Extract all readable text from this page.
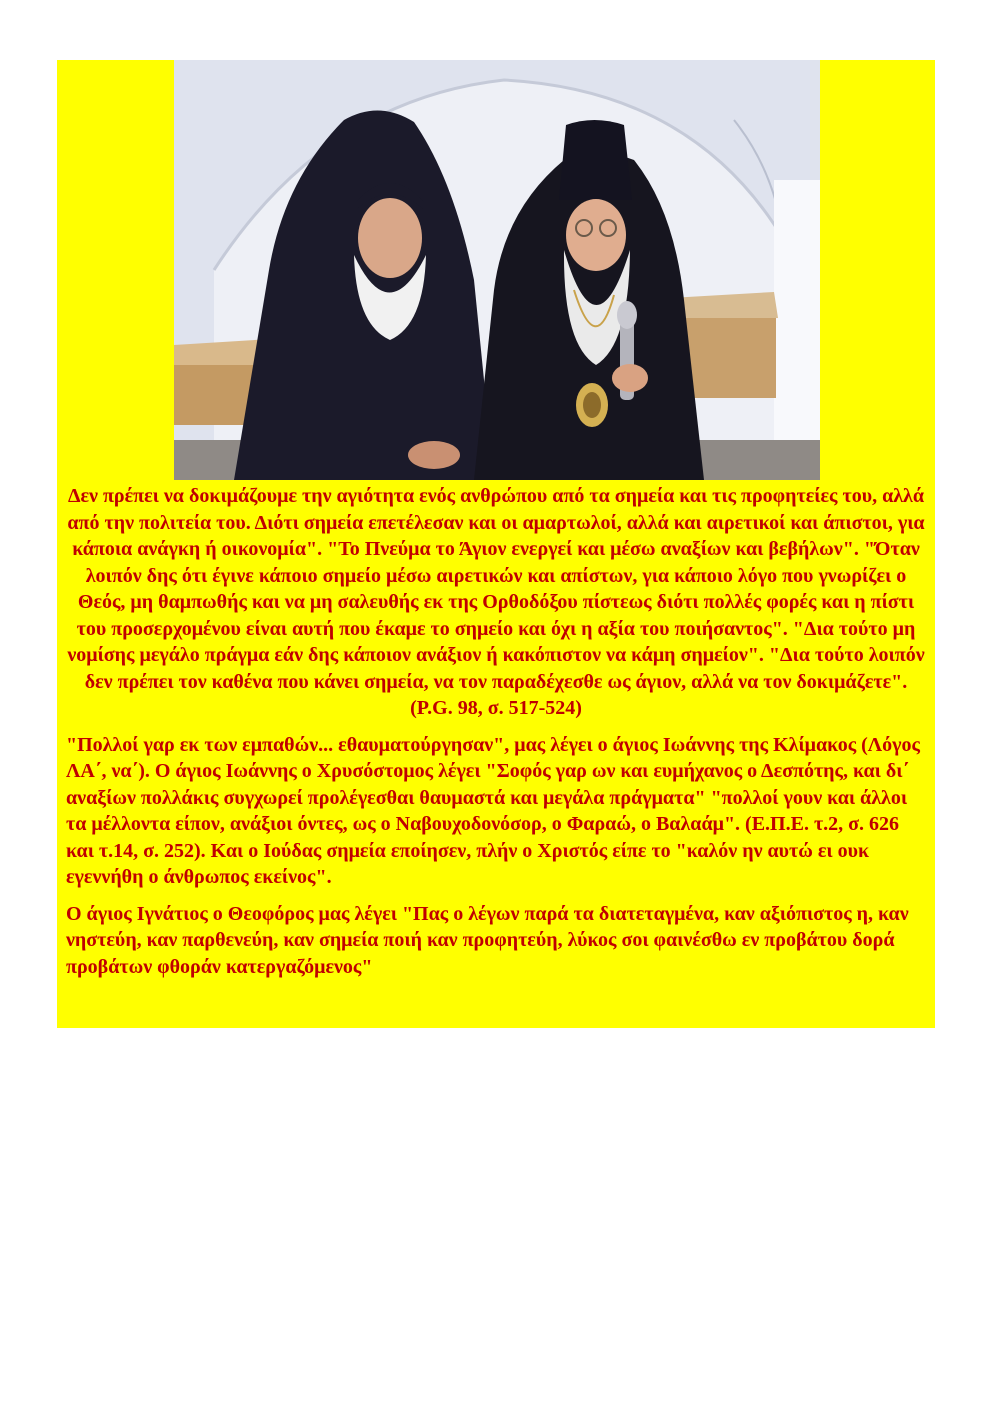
Δεν πρέπει να δοκιμάζουμε την αγιότητα ενός ανθρώπου από τα σημεία και τις προφητείες του, αλλά από την πολιτεία του. Διότι σημεία επετέλεσαν και οι αμαρτωλοί, αλλά και αιρετικοί και άπιστοι, για κάποια ανάγκη ή οικονομία". "Το Πνεύμα το Άγιον ενεργεί και μέσω αναξίων και βεβήλων". "Όταν λοιπόν δης ότι έγινε κάποιο σημείο μέσω αιρετικών και απίστων, για κάποιο λόγο που γνωρίζει ο Θεός, μη θαμπωθής και να μη σαλευθής εκ της Ορθοδόξου πίστεως διότι πολλές φορές και η πίστι του προσερχομένου είναι αυτή που έκαμε το σημείο και όχι η αξία του ποιήσαντος". "Δια τούτο μη νομίσης μεγάλο πράγμα εάν δης κάποιον ανάξιον ή κακόπιστον να κάμη σημείον". "Δια τούτο λοιπόν δεν πρέπει τον καθένα που κάνει σημεία, να τον παραδέχεσθε ως άγιον, αλλά να τον δοκιμάζετε". (P.G. 98, σ. 517-524)

"Πολλοί γαρ εκ των εμπαθών... εθαυματούργησαν", μας λέγει ο άγιος Ιωάννης της Κλίμακος (Λόγος ΛΑ΄, να΄). Ο άγιος Ιωάννης ο Χρυσόστομος λέγει "Σοφός γαρ ων και ευμήχανος ο Δεσπότης, και δι΄ αναξίων πολλάκις συγχωρεί προλέγεσθαι θαυμαστά και μεγάλα πράγματα" "πολλοί γουν και άλλοι τα μέλλοντα είπον, ανάξιοι όντες, ως ο Ναβουχοδονόσορ, ο Φαραώ, ο Βαλαάμ". (Ε.Π.Ε. τ.2, σ. 626 και τ.14, σ. 252). Και ο Ιούδας σημεία εποίησεν, πλήν ο Χριστός είπε το "καλόν ην αυτώ ει ουκ εγεννήθη ο άνθρωπος εκείνος".

Ο άγιος Ιγνάτιος ο Θεοφόρος μας λέγει "Πας ο λέγων παρά τα διατεταγμένα, καν αξιόπιστος η, καν νηστεύη, καν παρθενεύη, καν σημεία ποιή καν προφητεύη, λύκος σοι φαινέσθω εν προβάτου δορά προβάτων φθοράν κατεργαζόμενος"
